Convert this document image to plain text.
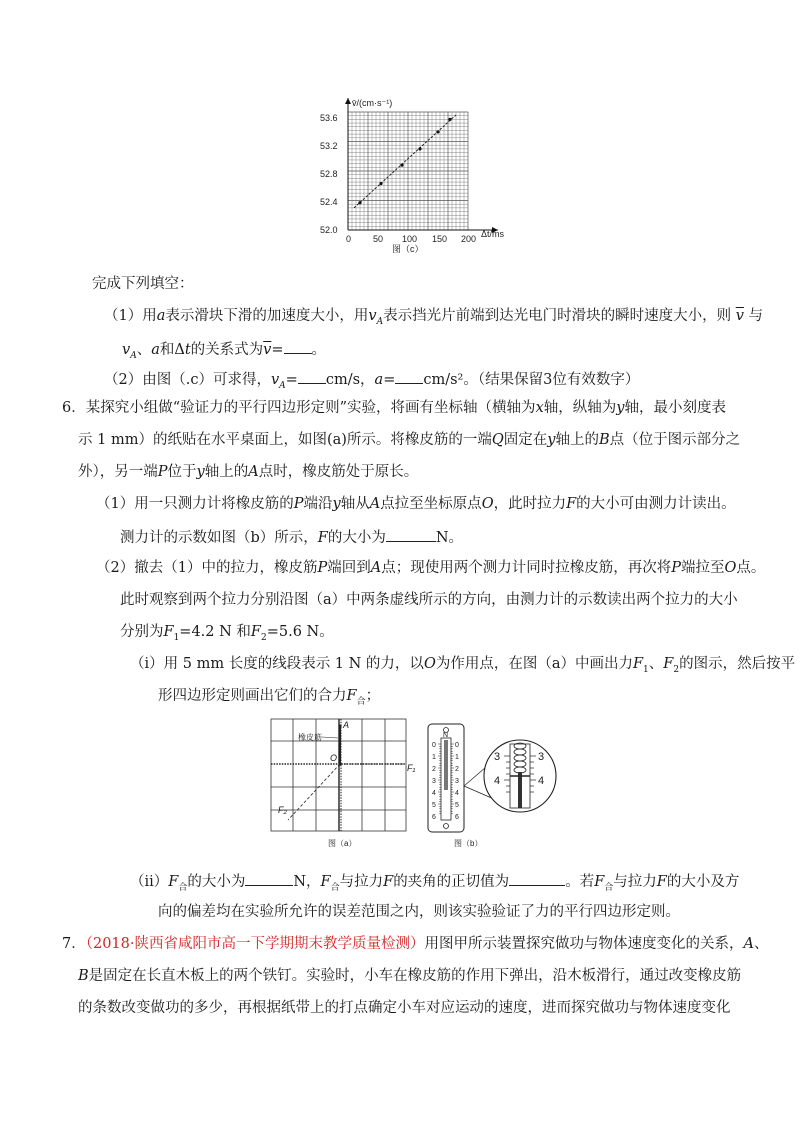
v̄/(cm·s⁻¹)
Δt/ms
53.6
53.2
52.8
52.4
52.0
0 50 100 150 200
图（c）
完成下列填空：
（1）用a表示滑块下滑的加速度大小，用$v_A$表示挡光片前端到达光电门时滑块的瞬时速度大小，则 $\overline{v}$ 与
$v_A$、a和Δt的关系式为$\overline{v}=$ 。
（2）由图（.c）可求得，$v_A= cm/s$，a= cm/s²。（结果保留3位有效数字）
6．某探究小组做“验证力的平行四边形定则”实验，将画有坐标轴（横轴为x轴，纵轴为y轴，最小刻度表
示 1 mm）的纸贴在水平桌面上，如图(a)所示。将橡皮筋的一端Q固定在y轴上的B点（位于图示部分之
外），另一端P位于y轴上的A点时，橡皮筋处于原长。
（1）用一只测力计将橡皮筋的P端沿y轴从A点拉至坐标原点O，此时拉力F的大小可由测力计读出。
测力计的示数如图（b）所示，F的大小为	N。
（2）撤去（1）中的拉力，橡皮筋P端回到A点；现使用两个测力计同时拉橡皮筋，再次将P端拉至O点。
此时观察到两个拉力分别沿图（a）中两条虚线所示的方向，由测力计的示数读出两个拉力的大小
分别为$F_1=4.2$ N 和$F_2=5.6$ N。
（i）用 5 mm 长度的线段表示 1 N 的力，以O为作用点，在图（a）中画出力$F_1$、$F_2$的图示，然后按平
形四边形定则画出它们的合力$F_合$；
A
橡皮筋
O
F₁
F₂
图（a）
N
0	0
1	1
2	2
3	3
4	4
5	5
6	6
3	3
4	4
图（b）
$(ii)F_合$的大小为	N，$F_合$与拉力F的夹角的正切值为	。若$F_合$与拉力F的大小及方
向的偏差均在实验所允许的误差范围之内，则该实验验证了力的平行四边形定则。
7．（2018·陕西省咸阳市高一下学期期末教学质量检测）用图甲所示装置探究做功与物体速度变化的关系，A、
B是固定在长直木板上的两个铁钉。实验时，小车在橡皮筋的作用下弹出，沿木板滑行，通过改变橡皮筋
的条数改变做功的多少，再根据纸带上的打点确定小车对应运动的速度，进而探究做功与物体速度变化
